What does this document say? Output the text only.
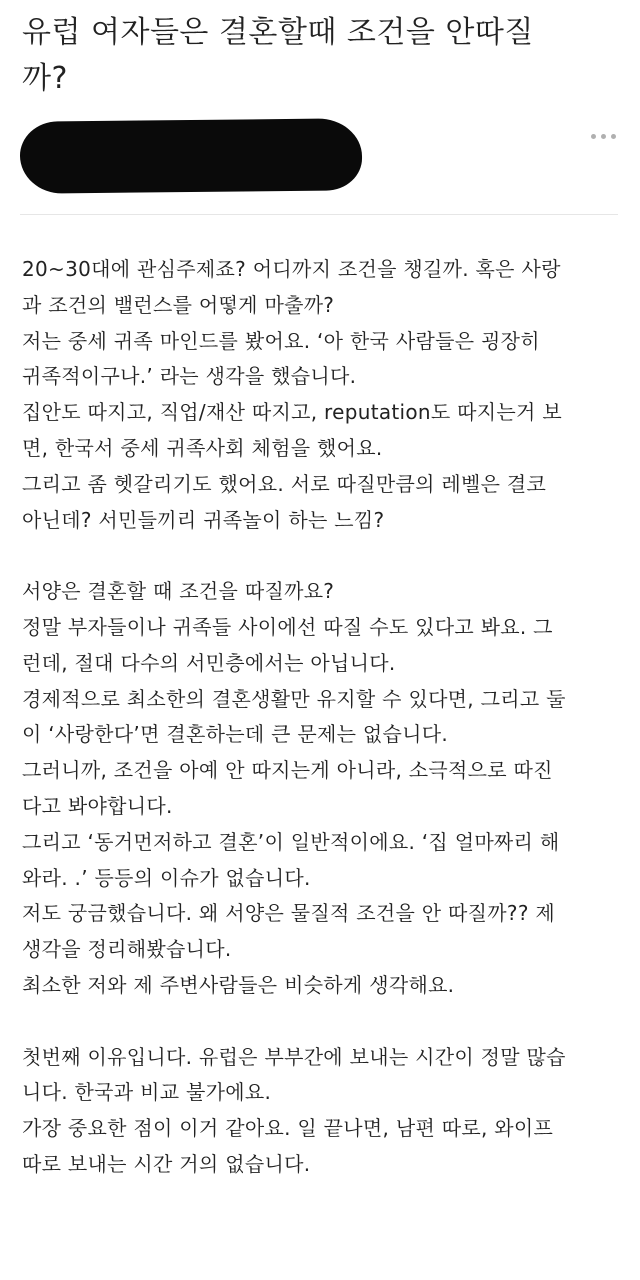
유럽 여자들은 결혼할때 조건을 안따질
까?
20~30대에 관심주제죠? 어디까지 조건을 챙길까. 혹은 사랑
과 조건의 밸런스를 어떻게 마출까?
저는 중세 귀족 마인드를 봤어요. ‘아 한국 사람들은 굉장히
귀족적이구나.’ 라는 생각을 했습니다.
집안도 따지고, 직업/재산 따지고, reputation도 따지는거 보
면, 한국서 중세 귀족사회 체험을 했어요.
그리고 좀 헷갈리기도 했어요. 서로 따질만큼의 레벨은 결코
아닌데? 서민들끼리 귀족놀이 하는 느낌?
서양은 결혼할 때 조건을 따질까요?
정말 부자들이나 귀족들 사이에선 따질 수도 있다고 봐요. 그
런데, 절대 다수의 서민층에서는 아닙니다.
경제적으로 최소한의 결혼생활만 유지할 수 있다면, 그리고 둘
이 ‘사랑한다’면 결혼하는데 큰 문제는 없습니다.
그러니까, 조건을 아예 안 따지는게 아니라, 소극적으로 따진
다고 봐야합니다.
그리고 ‘동거먼저하고 결혼’이 일반적이에요. ‘집 얼마짜리 해
와라. .’ 등등의 이슈가 없습니다.
저도 궁금했습니다. 왜 서양은 물질적 조건을 안 따질까?? 제
생각을 정리해봤습니다.
최소한 저와 제 주변사람들은 비슷하게 생각해요.
첫번째 이유입니다. 유럽은 부부간에 보내는 시간이 정말 많습
니다. 한국과 비교 불가에요.
가장 중요한 점이 이거 같아요. 일 끝나면, 남편 따로, 와이프
따로 보내는 시간 거의 없습니다.
